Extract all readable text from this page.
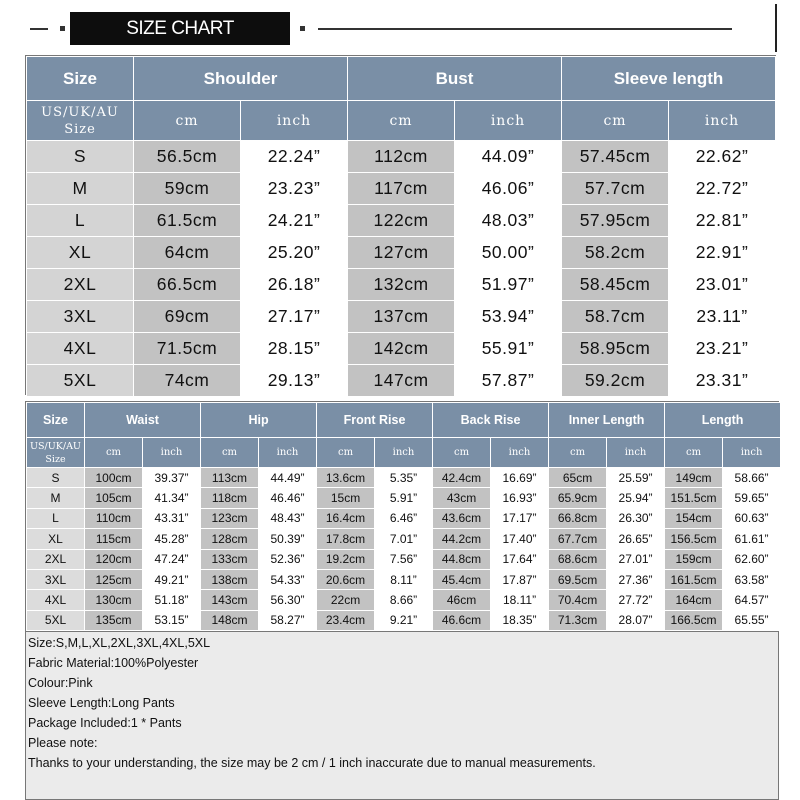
SIZE CHART
Size	Shoulder		Bust		Sleeve length	
US/UK/AU
Size	cm	inch	cm	inch	cm	inch
S	56.5cm	22.24”	112cm	44.09”	57.45cm	22.62”
M	59cm	23.23”	117cm	46.06”	57.7cm	22.72”
L	61.5cm	24.21”	122cm	48.03”	57.95cm	22.81”
XL	64cm	25.20”	127cm	50.00”	58.2cm	22.91”
2XL	66.5cm	26.18”	132cm	51.97”	58.45cm	23.01”
3XL	69cm	27.17”	137cm	53.94”	58.7cm	23.11”
4XL	71.5cm	28.15”	142cm	55.91”	58.95cm	23.21”
5XL	74cm	29.13”	147cm	57.87”	59.2cm	23.31”
Size	Waist		Hip		Front Rise		Back Rise		Inner Length		Length	
US/UK/AU
Size	cm	inch	cm	inch	cm	inch	cm	inch	cm	inch	cm	inch
S	100cm	39.37”	113cm	44.49”	13.6cm	5.35”	42.4cm	16.69”	65cm	25.59”	149cm	58.66”
M	105cm	41.34”	118cm	46.46”	15cm	5.91”	43cm	16.93”	65.9cm	25.94”	151.5cm	59.65”
L	110cm	43.31”	123cm	48.43”	16.4cm	6.46”	43.6cm	17.17”	66.8cm	26.30”	154cm	60.63”
XL	115cm	45.28”	128cm	50.39”	17.8cm	7.01”	44.2cm	17.40”	67.7cm	26.65”	156.5cm	61.61”
2XL	120cm	47.24”	133cm	52.36”	19.2cm	7.56”	44.8cm	17.64”	68.6cm	27.01”	159cm	62.60”
3XL	125cm	49.21”	138cm	54.33”	20.6cm	8.11”	45.4cm	17.87”	69.5cm	27.36”	161.5cm	63.58”
4XL	130cm	51.18”	143cm	56.30”	22cm	8.66”	46cm	18.11”	70.4cm	27.72”	164cm	64.57”
5XL	135cm	53.15”	148cm	58.27”	23.4cm	9.21”	46.6cm	18.35”	71.3cm	28.07”	166.5cm	65.55”
Size:S,M,L,XL,2XL,3XL,4XL,5XL
Fabric Material:100%Polyester
Colour:Pink
Sleeve Length:Long Pants
Package Included:1 * Pants
Please note:
Thanks to your understanding, the size may be 2 cm / 1 inch inaccurate due to manual measurements.
